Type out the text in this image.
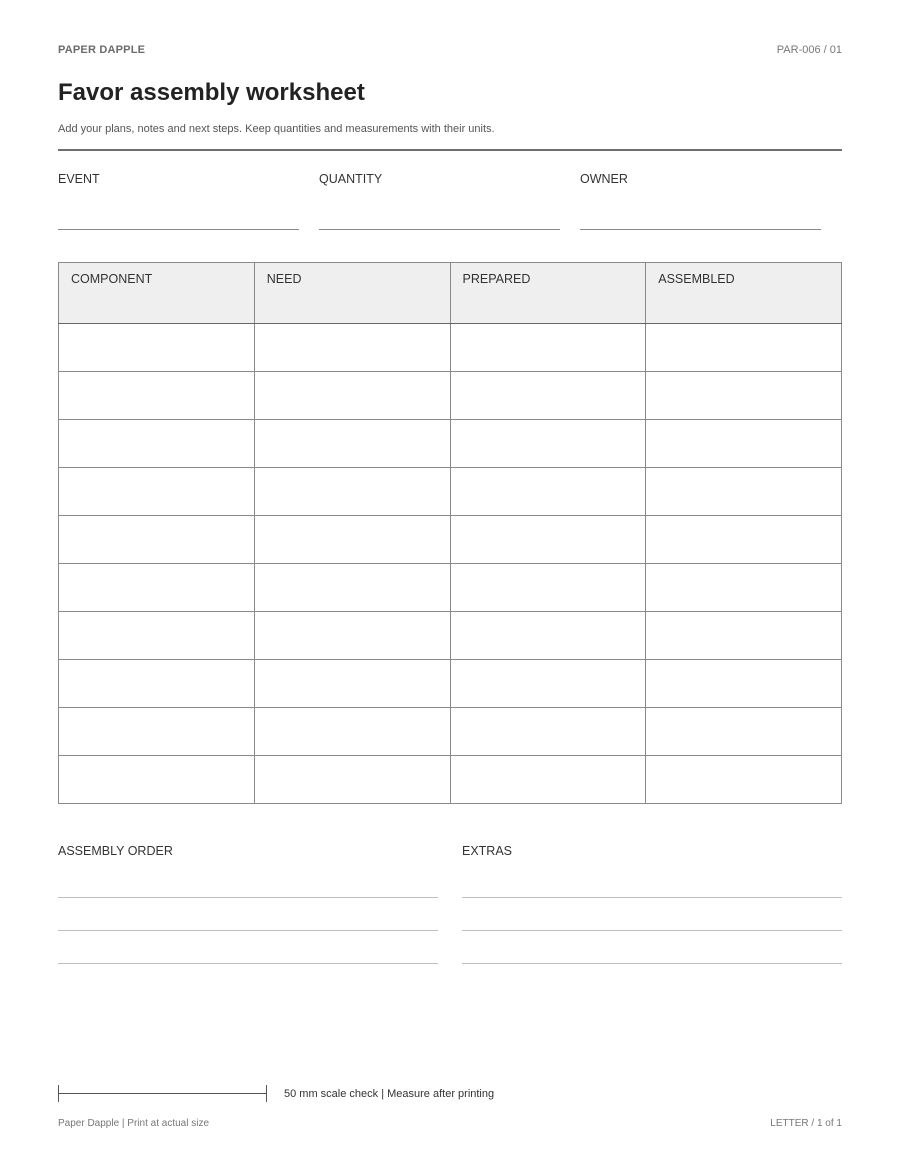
PAPER DAPPLE	PAR-006 / 01
Favor assembly worksheet
Add your plans, notes and next steps. Keep quantities and measurements with their units.
EVENT	QUANTITY	OWNER
COMPONENT	NEED	PREPARED	ASSEMBLED

ASSEMBLY ORDER	EXTRAS
50 mm scale check | Measure after printing
Paper Dapple | Print at actual size	LETTER / 1 of 1
